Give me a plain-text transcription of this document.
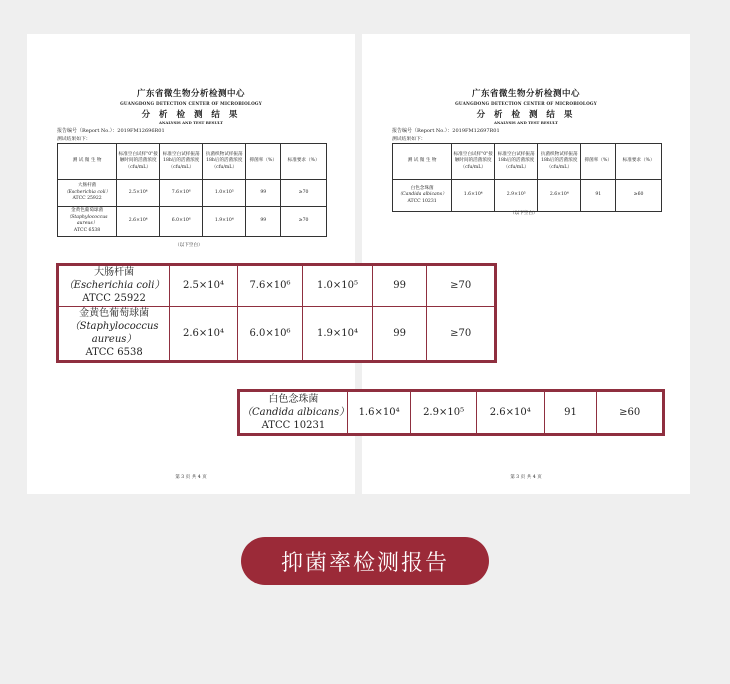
广东省微生物分析检测中心
GUANGDONG DETECTION CENTER OF MICROBIOLOGY
分 析 检 测 结 果
ANALYSIS AND TEST RESULT
报告编号（Report No.）：2019FM12696R01
测试结果如下：
测 试 微 生 物	标准空白试样"0"接触时间的活菌浓度（cfu/mL）	标准空白试样振荡18h后的活菌浓度（cfu/mL）	抗菌织物试样振荡18h后的活菌浓度（cfu/mL）	抑菌率（%）	标准要求（%）

大肠杆菌
（Escherichia coli）
ATCC 25922	2.5×10⁴	7.6×10⁶	1.0×10⁵	99	≥70

金黄色葡萄球菌
（Staphylococcus aureus）
ATCC 6538	2.6×10⁴	6.0×10⁶	1.9×10⁴	99	≥70
（以下空白）
第 3 页 共 4 页
广东省微生物分析检测中心
GUANGDONG DETECTION CENTER OF MICROBIOLOGY
分 析 检 测 结 果
ANALYSIS AND TEST RESULT
报告编号（Report No.）：2019FM12697R01
测试结果如下：
测 试 微 生 物	标准空白试样"0"接触时间的活菌浓度（cfu/mL）	标准空白试样振荡18h后的活菌浓度（cfu/mL）	抗菌织物试样振荡18h后的活菌浓度（cfu/mL）	抑菌率（%）	标准要求（%）

白色念珠菌
（Candida albicans）
ATCC 10231	1.6×10⁴	2.9×10⁵	2.6×10⁴	91	≥60
（以下空白）
第 3 页 共 4 页
大肠杆菌
（Escherichia coli）
ATCC 25922	2.5×10⁴	7.6×10⁶	1.0×10⁵	99	≥70

金黄色葡萄球菌
（Staphylococcus aureus）
ATCC 6538	2.6×10⁴	6.0×10⁶	1.9×10⁴	99	≥70
白色念珠菌
（Candida albicans）
ATCC 10231
	1.6×10⁴	2.9×10⁵	2.6×10⁴	91	≥60
抑菌率检测报告
